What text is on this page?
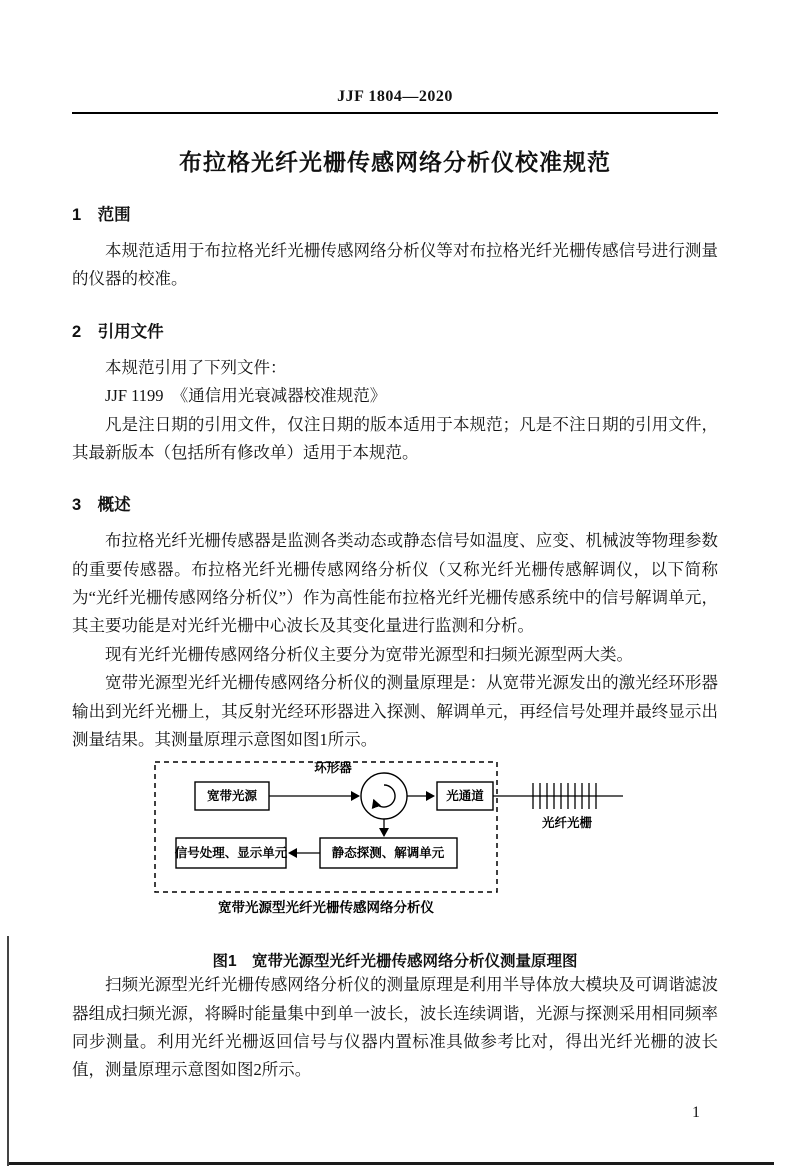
JJF 1804—2020
布拉格光纤光栅传感网络分析仪校准规范
1　范围

本规范适用于布拉格光纤光栅传感网络分析仪等对布拉格光纤光栅传感信号进行测量的仪器的校准。

2　引用文件

本规范引用了下列文件：

JJF 1199　《通信用光衰减器校准规范》

凡是注日期的引用文件，仅注日期的版本适用于本规范；凡是不注日期的引用文件，其最新版本（包括所有修改单）适用于本规范。

3　概述

布拉格光纤光栅传感器是监测各类动态或静态信号如温度、应变、机械波等物理参数的重要传感器。布拉格光纤光栅传感网络分析仪（又称光纤光栅传感解调仪，以下简称为“光纤光栅传感网络分析仪”）作为高性能布拉格光纤光栅传感系统中的信号解调单元，其主要功能是对光纤光栅中心波长及其变化量进行监测和分析。

现有光纤光栅传感网络分析仪主要分为宽带光源型和扫频光源型两大类。

宽带光源型光纤光栅传感网络分析仪的测量原理是：从宽带光源发出的激光经环形器输出到光纤光栅上，其反射光经环形器进入探测、解调单元，再经信号处理并最终显示出测量结果。其测量原理示意图如图1所示。

宽带光源
环形器
光通道
光纤光栅
静态探测、解调单元
信号处理、显示单元
宽带光源型光纤光栅传感网络分析仪
图1　宽带光源型光纤光栅传感网络分析仪测量原理图

扫频光源型光纤光栅传感网络分析仪的测量原理是利用半导体放大模块及可调谐滤波器组成扫频光源，将瞬时能量集中到单一波长，波长连续调谐，光源与探测采用相同频率同步测量。利用光纤光栅返回信号与仪器内置标准具做参考比对，得出光纤光栅的波长值，测量原理示意图如图2所示。

1
